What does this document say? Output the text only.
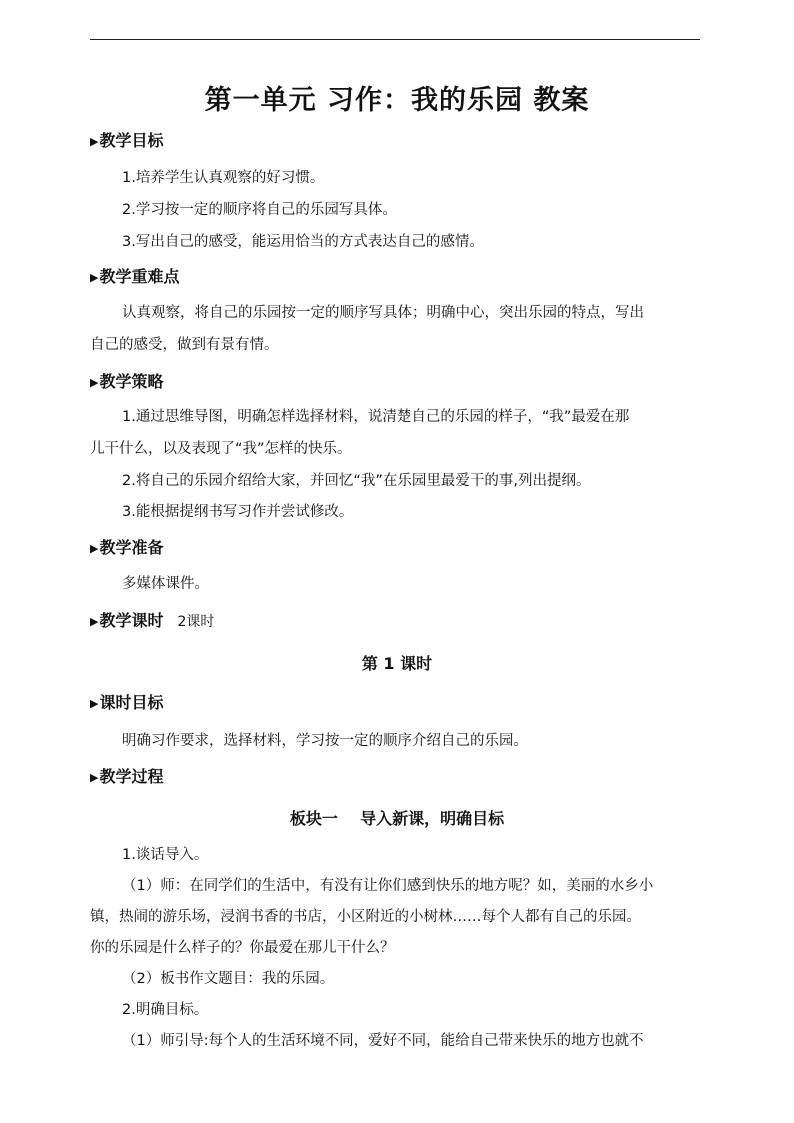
第一单元 习作：我的乐园 教案
▶教学目标
1.培养学生认真观察的好习惯。
2.学习按一定的顺序将自己的乐园写具体。
3.写出自己的感受，能运用恰当的方式表达自己的感情。
▶教学重难点
认真观察，将自己的乐园按一定的顺序写具体；明确中心，突出乐园的特点，写出
自己的感受，做到有景有情。
▶教学策略
1.通过思维导图，明确怎样选择材料，说清楚自己的乐园的样子，“我”最爱在那
儿干什么，以及表现了“我”怎样的快乐。
2.将自己的乐园介绍给大家，并回忆“我”在乐园里最爱干的事,列出提纲。
3.能根据提纲书写习作并尝试修改。
▶教学准备
多媒体课件。
▶教学课时 2课时
第 1 课时
▶课时目标
明确习作要求，选择材料，学习按一定的顺序介绍自己的乐园。
▶教学过程
板块一    导入新课，明确目标
1.谈话导入。
（1）师：在同学们的生活中，有没有让你们感到快乐的地方呢？如，美丽的水乡小
镇，热闹的游乐场，浸润书香的书店，小区附近的小树林……每个人都有自己的乐园。
你的乐园是什么样子的？你最爱在那儿干什么？
（2）板书作文题目：我的乐园。
2.明确目标。
（1）师引导:每个人的生活环境不同，爱好不同，能给自己带来快乐的地方也就不
